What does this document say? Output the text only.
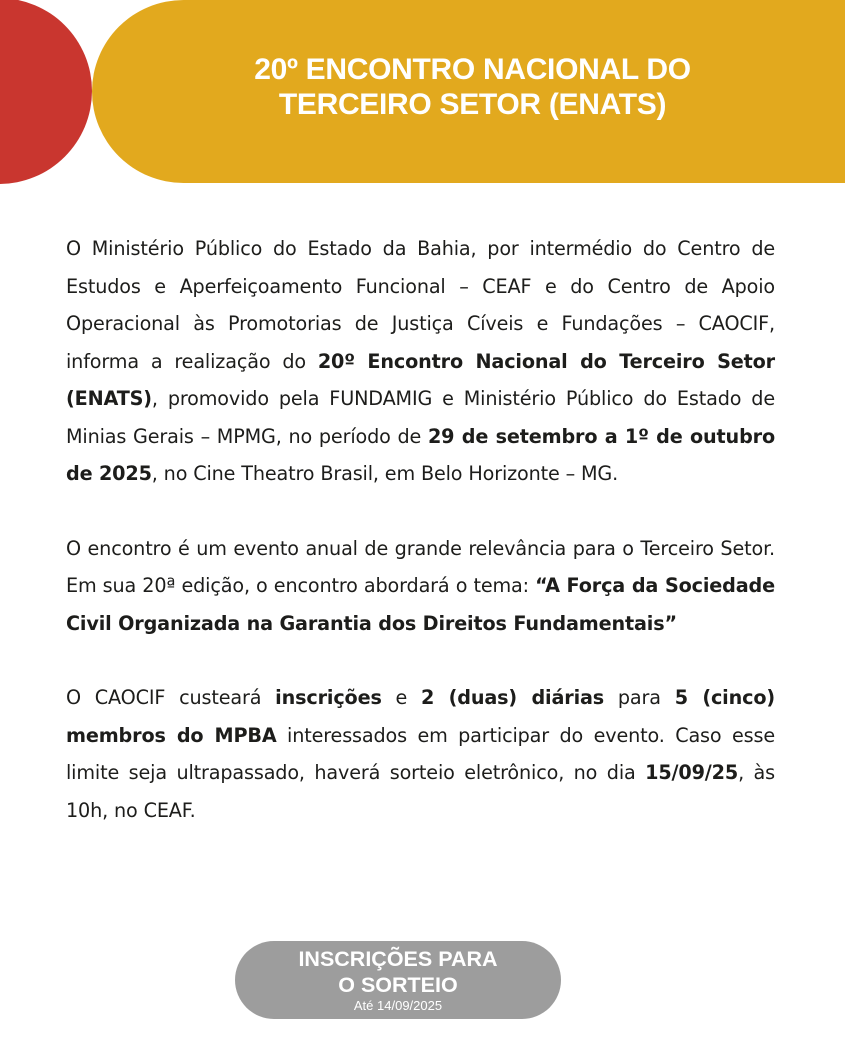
20º ENCONTRO NACIONAL DO
TERCEIRO SETOR (ENATS)

O Ministério Público do Estado da Bahia, por intermédio do Centro de Estudos e Aperfeiçoamento Funcional – CEAF e do Centro de Apoio Operacional às Promotorias de Justiça Cíveis e Fundações – CAOCIF, informa a realização do 20º Encontro Nacional do Terceiro Setor (ENATS), promovido pela FUNDAMIG e Ministério Público do Estado de Minias Gerais – MPMG, no período de 29 de setembro a 1º de outubro de 2025, no Cine Theatro Brasil, em Belo Horizonte – MG.

O encontro é um evento anual de grande relevância para o Terceiro Setor. Em sua 20ª edição, o encontro abordará o tema: “A Força da Sociedade Civil Organizada na Garantia dos Direitos Fundamentais”

O CAOCIF custeará inscrições e 2 (duas) diárias para 5 (cinco) membros do MPBA interessados em participar do evento. Caso esse limite seja ultrapassado, haverá sorteio eletrônico, no dia 15/09/25, às 10h, no CEAF.

INSCRIÇÕES PARA
O SORTEIO
Até 14/09/2025
